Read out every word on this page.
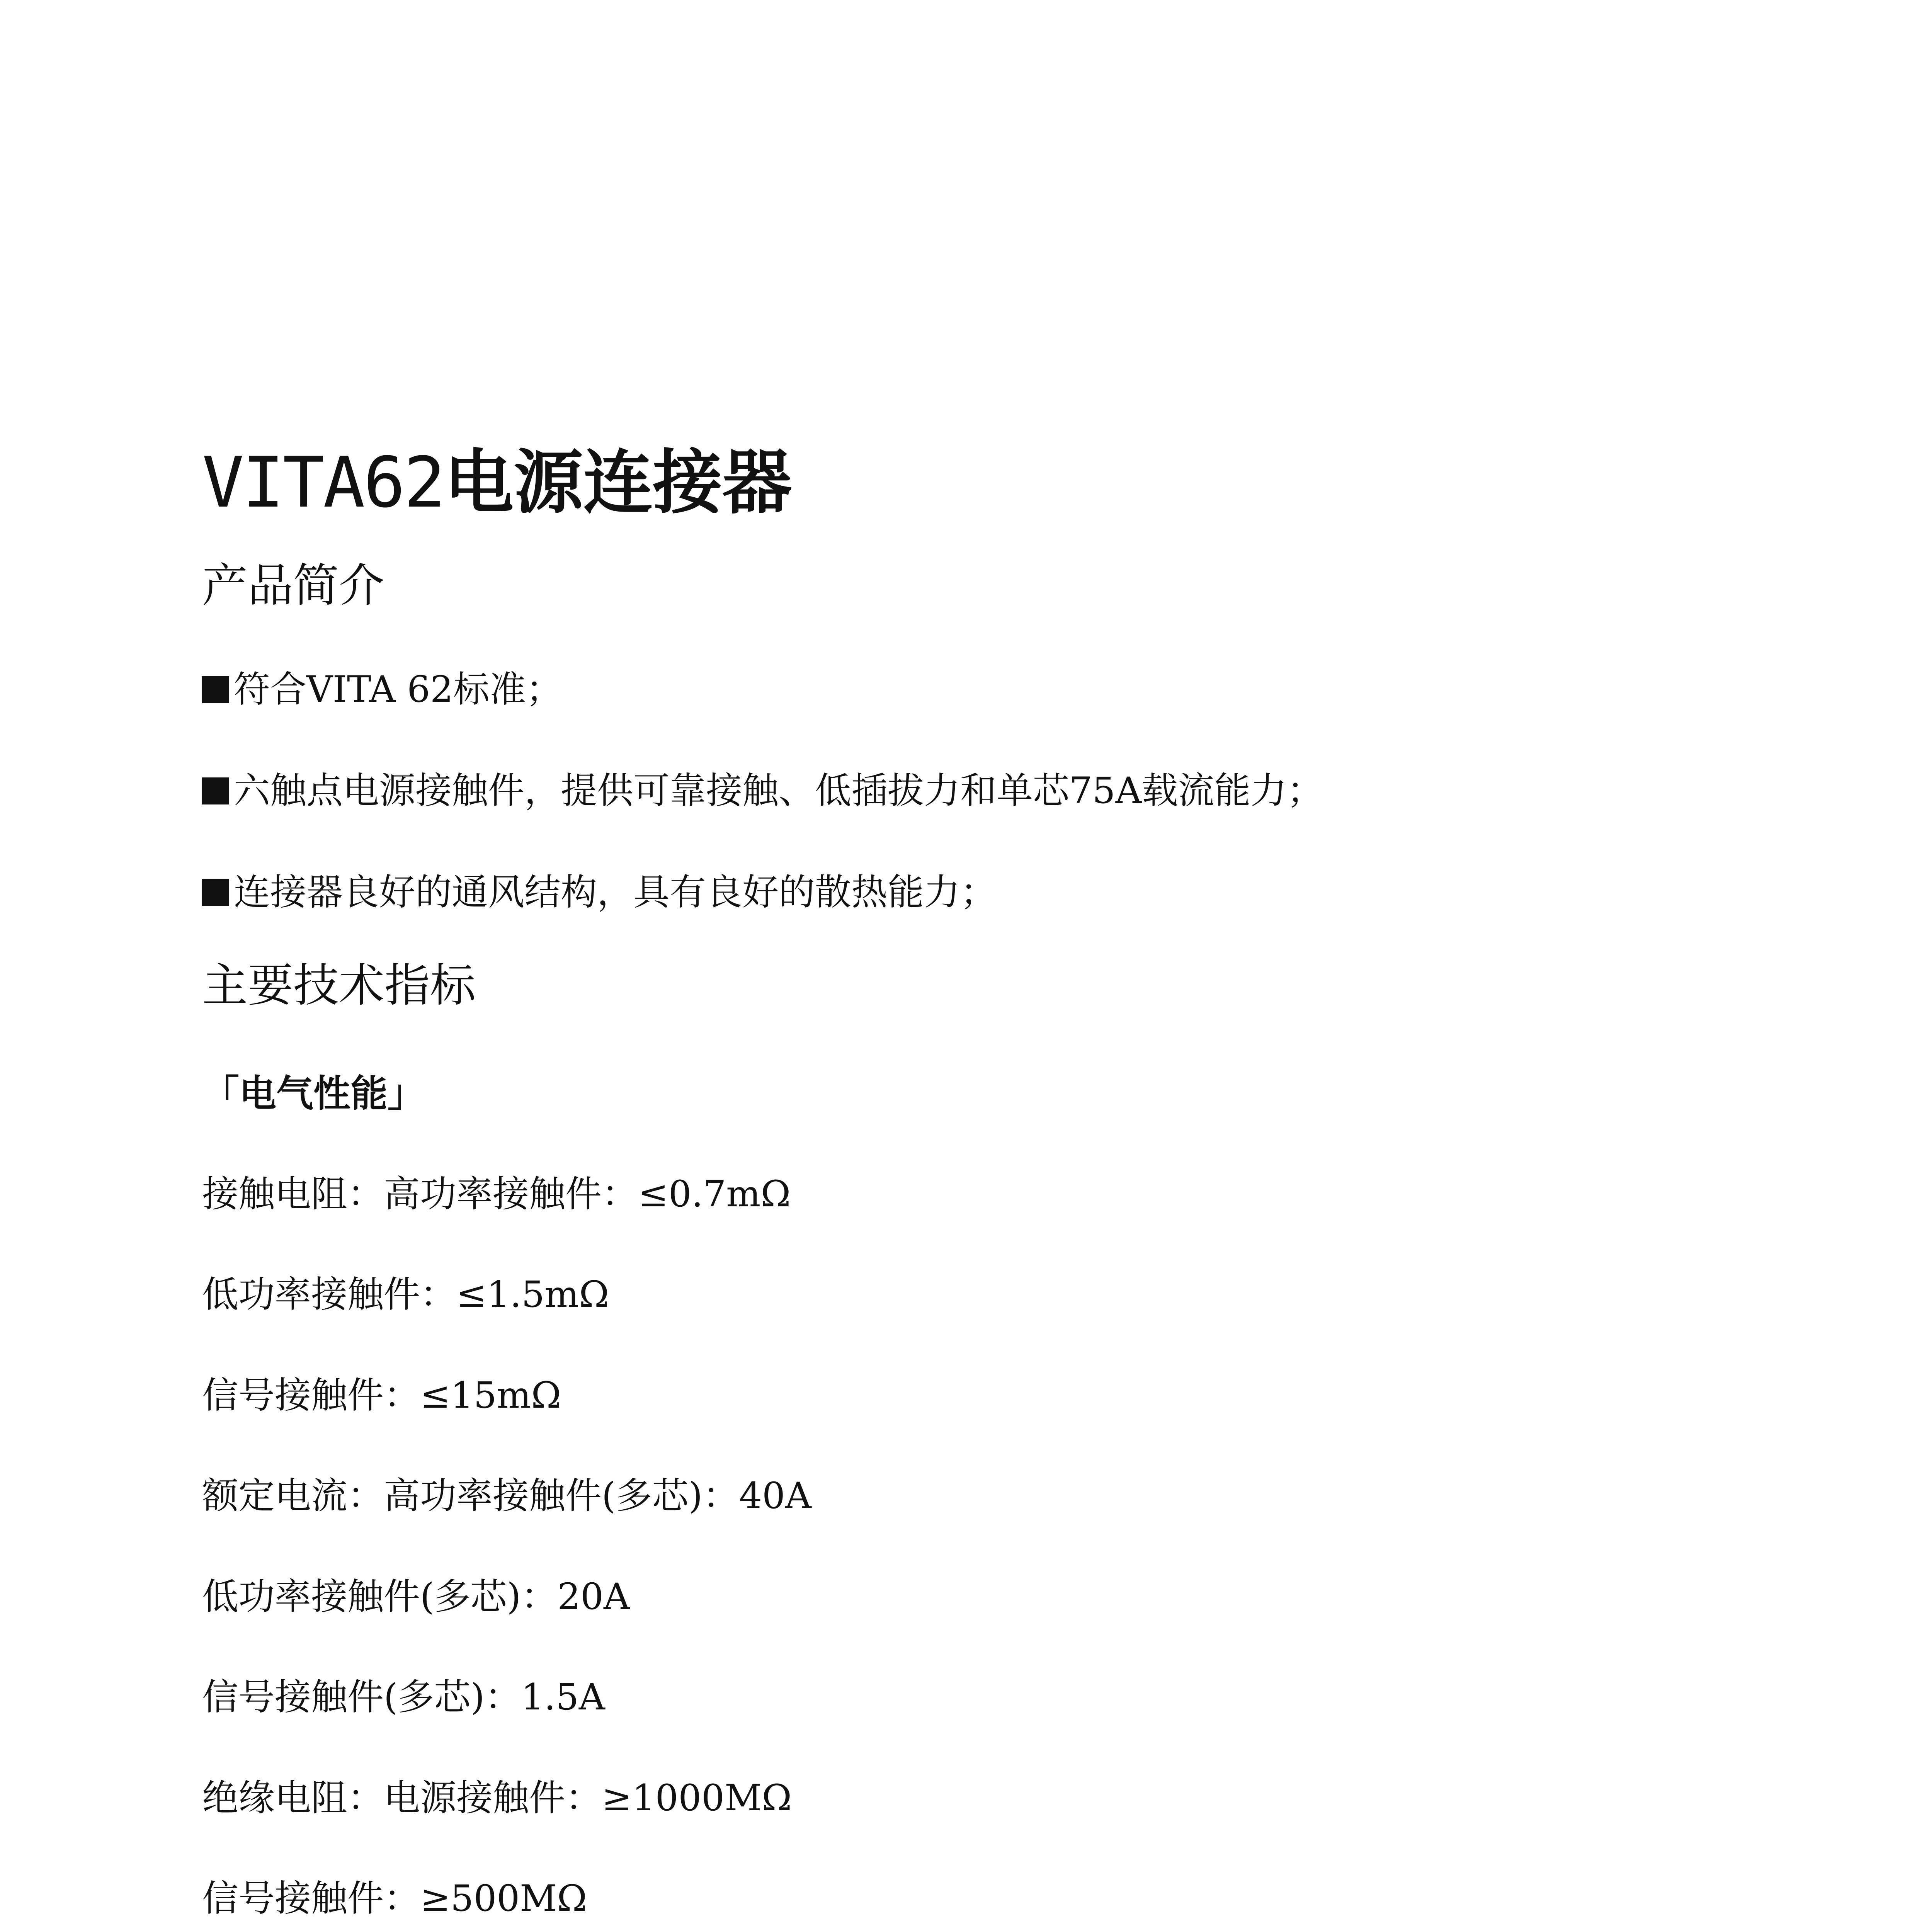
VITA62电源连接器
产品简介

符合VITA 62标准；

六触点电源接触件，提供可靠接触、低插拔力和单芯75A载流能力；

连接器良好的通风结构，具有良好的散热能力；

主要技术指标

「电气性能」

接触电阻：高功率接触件：≤0.7mΩ

低功率接触件：≤1.5mΩ

信号接触件：≤15mΩ

额定电流：高功率接触件(多芯)：40A

低功率接触件(多芯)：20A

信号接触件(多芯)：1.5A

绝缘电阻：电源接触件：≥1000MΩ

信号接触件：≥500MΩ
